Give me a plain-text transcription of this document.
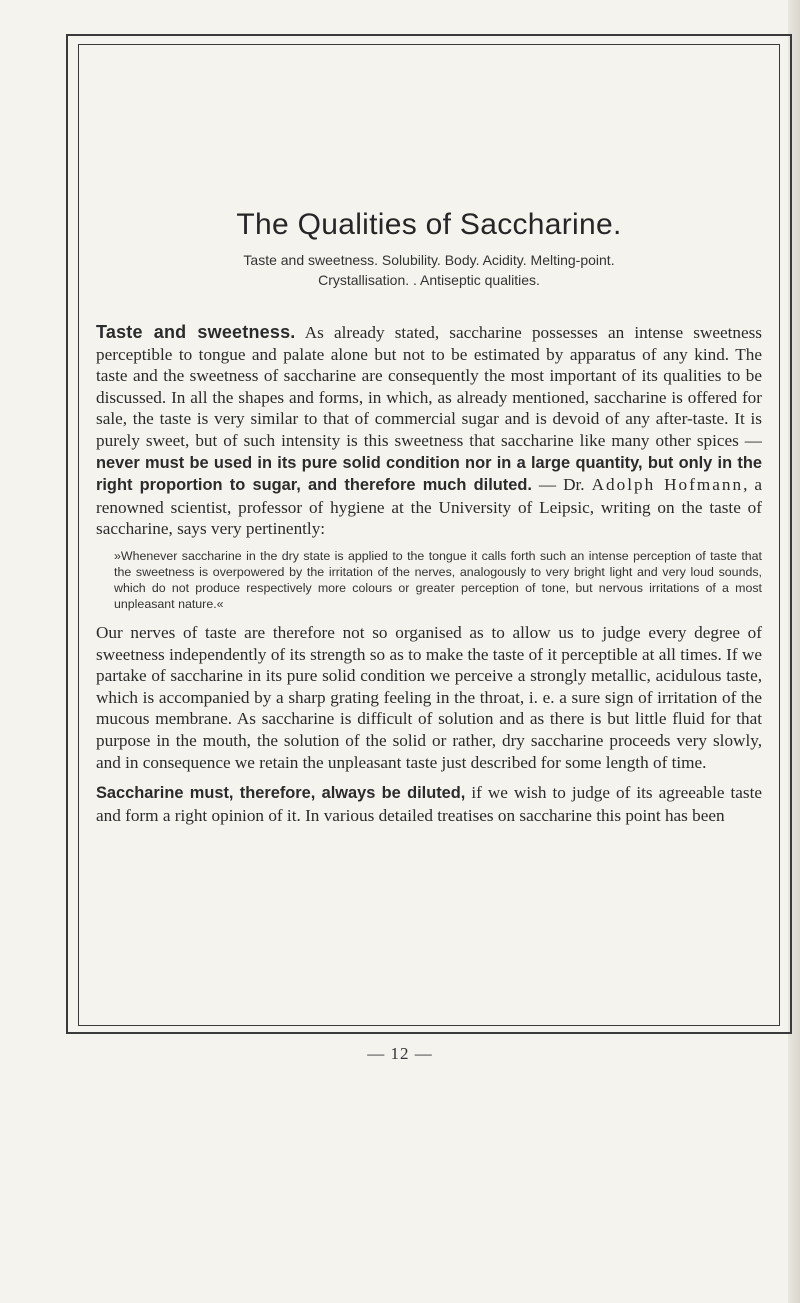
The Qualities of Saccharine.
Taste and sweetness. Solubility. Body. Acidity. Melting-point.
Crystallisation. . Antiseptic qualities.

Taste and sweetness. As already stated, saccharine possesses an intense sweetness perceptible to tongue and palate alone but not to be estimated by apparatus of any kind. The taste and the sweetness of saccharine are consequently the most important of its qualities to be discussed. In all the shapes and forms, in which, as already mentioned, saccharine is offered for sale, the taste is very similar to that of commercial sugar and is devoid of any after-taste. It is purely sweet, but of such intensity is this sweetness that saccharine like many other spices — never must be used in its pure solid condition nor in a large quantity, but only in the right proportion to sugar, and therefore much diluted. — Dr. Adolph Hofmann, a renowned scientist, professor of hygiene at the University of Leipsic, writing on the taste of saccharine, says very pertinently:

»Whenever saccharine in the dry state is applied to the tongue it calls forth such an intense perception of taste that the sweetness is overpowered by the irritation of the nerves, analogously to very bright light and very loud sounds, which do not produce respectively more colours or greater perception of tone, but nervous irritations of a most unpleasant nature.«

Our nerves of taste are therefore not so organised as to allow us to judge every degree of sweetness independently of its strength so as to make the taste of it perceptible at all times. If we partake of saccharine in its pure solid condition we perceive a strongly metallic, acidulous taste, which is accompanied by a sharp grating feeling in the throat, i. e. a sure sign of irritation of the mucous membrane. As saccharine is difficult of solution and as there is but little fluid for that purpose in the mouth, the solution of the solid or rather, dry saccharine proceeds very slowly, and in consequence we retain the unpleasant taste just described for some length of time.

Saccharine must, therefore, always be diluted, if we wish to judge of its agreeable taste and form a right opinion of it. In various detailed treatises on saccharine this point has been

— 12 —
